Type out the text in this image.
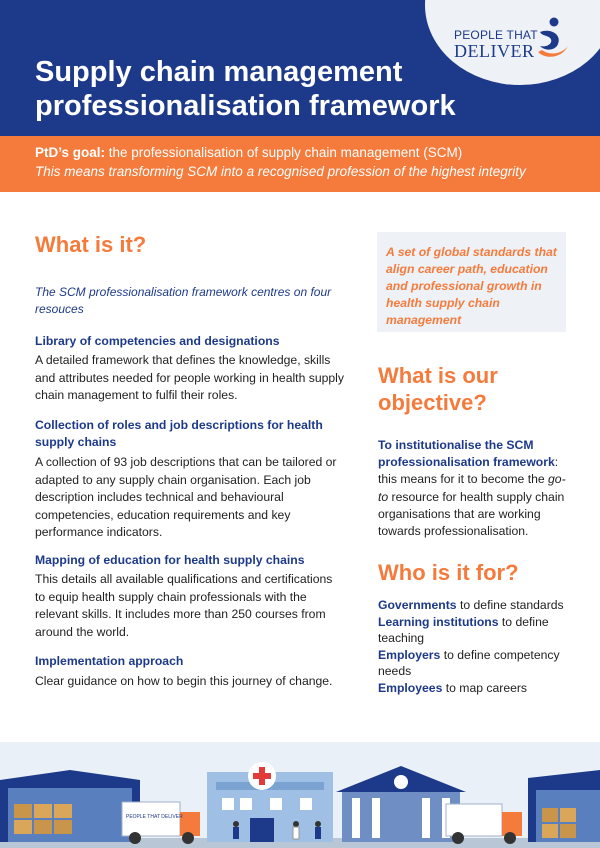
PEOPLE THAT
DELIVER
Supply chain management
professionalisation framework
PtD’s goal: the professionalisation of supply chain management (SCM)
This means transforming SCM into a recognised profession of the highest integrity
What is it?
The SCM professionalisation framework centres on four resouces
Library of competencies and designations
A detailed framework that defines the knowledge, skills and attributes needed for people working in health supply chain management to fulfil their roles.
Collection of roles and job descriptions for health supply chains
A collection of 93 job descriptions that can be tailored or adapted to any supply chain organisation. Each job description includes technical and behavioural competencies, education requirements and key performance indicators.
Mapping of education for health supply chains
This details all available qualifications and certifications to equip health supply chain professionals with the relevant skills. It includes more than 250 courses from around the world.
Implementation approach
Clear guidance on how to begin this journey of change.
A set of global standards that align career path, education and professional growth in health supply chain management
What is our
objective?
To institutionalise the SCM professionalisation framework: this means for it to become the go-to resource for health supply chain organisations that are working towards professionalisation.
Who is it for?
Governments to define standards
Learning institutions to define teaching
Employers to define competency needs
Employees to map careers
PEOPLE THAT DELIVER
